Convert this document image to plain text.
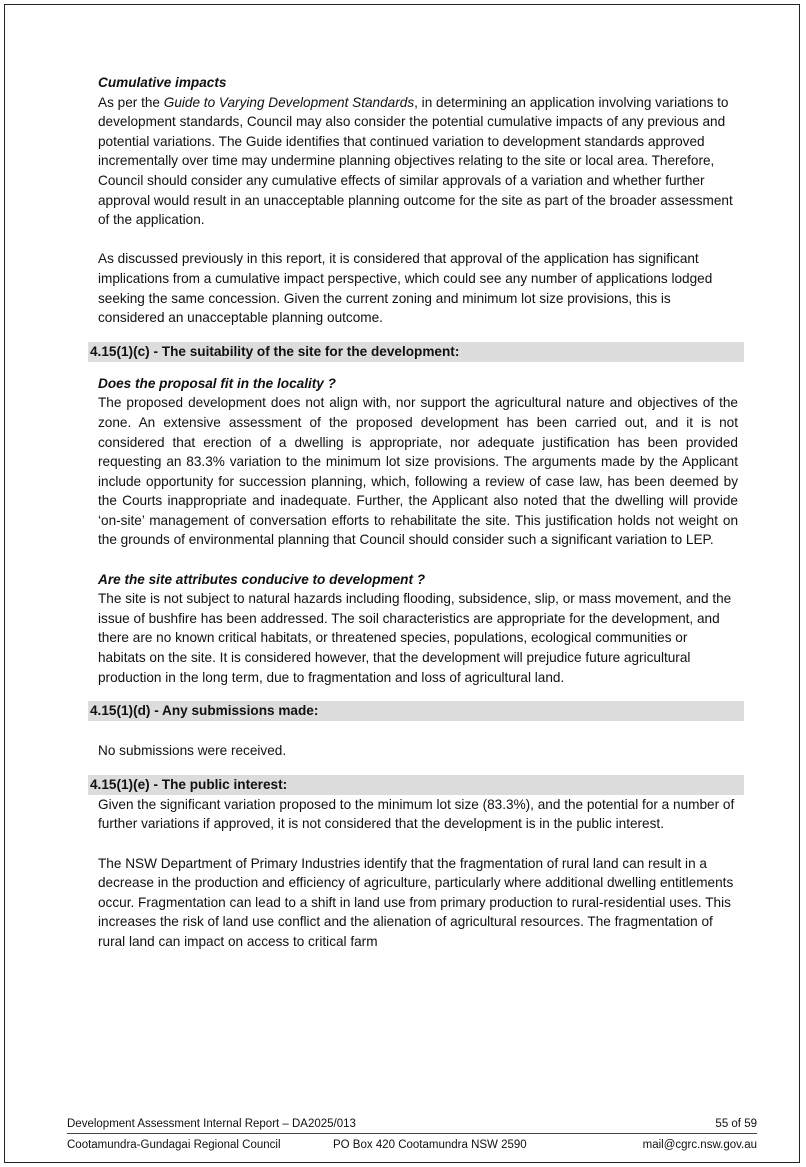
Cumulative impacts
As per the Guide to Varying Development Standards, in determining an application involving variations to development standards, Council may also consider the potential cumulative impacts of any previous and potential variations. The Guide identifies that continued variation to development standards approved incrementally over time may undermine planning objectives relating to the site or local area. Therefore, Council should consider any cumulative effects of similar approvals of a variation and whether further approval would result in an unacceptable planning outcome for the site as part of the broader assessment of the application.

As discussed previously in this report, it is considered that approval of the application has significant implications from a cumulative impact perspective, which could see any number of applications lodged seeking the same concession. Given the current zoning and minimum lot size provisions, this is considered an unacceptable planning outcome.

4.15(1)(c) - The suitability of the site for the development:

Does the proposal fit in the locality ?
The proposed development does not align with, nor support the agricultural nature and objectives of the zone. An extensive assessment of the proposed development has been carried out, and it is not considered that erection of a dwelling is appropriate, nor adequate justification has been provided requesting an 83.3% variation to the minimum lot size provisions. The arguments made by the Applicant include opportunity for succession planning, which, following a review of case law, has been deemed by the Courts inappropriate and inadequate. Further, the Applicant also noted that the dwelling will provide ‘on-site’ management of conversation efforts to rehabilitate the site. This justification holds not weight on the grounds of environmental planning that Council should consider such a significant variation to LEP.

Are the site attributes conducive to development ?
The site is not subject to natural hazards including flooding, subsidence, slip, or mass movement, and the issue of bushfire has been addressed. The soil characteristics are appropriate for the development, and there are no known critical habitats, or threatened species, populations, ecological communities or habitats on the site. It is considered however, that the development will prejudice future agricultural production in the long term, due to fragmentation and loss of agricultural land.

4.15(1)(d) - Any submissions made:

No submissions were received.

4.15(1)(e) - The public interest:

Given the significant variation proposed to the minimum lot size (83.3%), and the potential for a number of further variations if approved, it is not considered that the development is in the public interest.

The NSW Department of Primary Industries identify that the fragmentation of rural land can result in a decrease in the production and efficiency of agriculture, particularly where additional dwelling entitlements occur. Fragmentation can lead to a shift in land use from primary production to rural-residential uses. This increases the risk of land use conflict and the alienation of agricultural resources. The fragmentation of rural land can impact on access to critical farm

Development Assessment Internal Report – DA2025/013	55 of 59
Cootamundra-Gundagai Regional Council	PO Box 420 Cootamundra NSW 2590	mail@cgrc.nsw.gov.au
